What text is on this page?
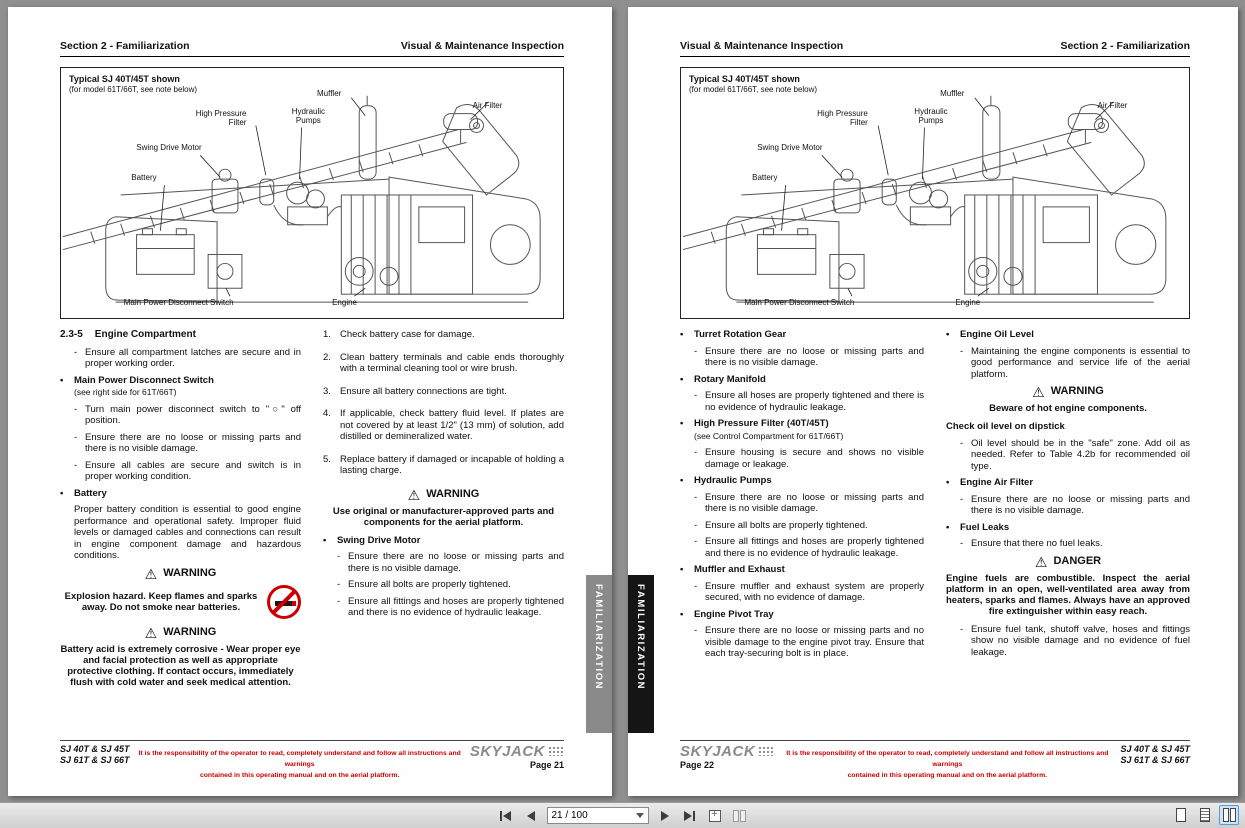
Section 2 - Familiarization	Visual & Maintenance Inspection
Typical SJ 40T/45T shown
(for model 61T/66T, see note below)	Muffler
Air Filter
High Pressure Filter
Hydraulic Pumps
Swing Drive Motor
Battery
Main Power Disconnect Switch	Engine
2.3-5 Engine Compartment
- Ensure all compartment latches are secure and in proper working order.
•	Main Power Disconnect Switch
(see right side for 61T/66T)
- Turn main power disconnect switch to "○" off position.
- Ensure there are no loose or missing parts and there is no visible damage.
- Ensure all cables are secure and switch is in proper working condition.
•	Battery
Proper battery condition is essential to good engine performance and operational safety. Improper fluid levels or damaged cables and connections can result in engine component damage and hazardous conditions.
⚠ WARNING
Explosion hazard. Keep flames and sparks away. Do not smoke near batteries.
⚠ WARNING
Battery acid is extremely corrosive - Wear proper eye and facial protection as well as appropriate protective clothing. If contact occurs, immediately flush with cold water and seek medical attention.
1. Check battery case for damage.
2. Clean battery terminals and cable ends thoroughly with a terminal cleaning tool or wire brush.
3. Ensure all battery connections are tight.
4. If applicable, check battery fluid level. If plates are not covered by at least 1/2" (13 mm) of solution, add distilled or demineralized water.
5. Replace battery if damaged or incapable of holding a lasting charge.
⚠ WARNING
Use original or manufacturer-approved parts and components for the aerial platform.
•	Swing Drive Motor
- Ensure there are no loose or missing parts and there is no visible damage.
- Ensure all bolts are properly tightened.
- Ensure all fittings and hoses are properly tightened and there is no evidence of hydraulic leakage.	FAMILIARIZATION
SJ 40T & SJ 45T
SJ 61T & SJ 66T
It is the responsibility of the operator to read, completely understand and follow all instructions and warnings
contained in this operating manual and on the aerial platform.
SKYJACK
Page 21
Visual & Maintenance Inspection	Section 2 - Familiarization
Typical SJ 40T/45T shown
(for model 61T/66T, see note below)	Muffler
Air Filter
High Pressure Filter
Hydraulic Pumps
Swing Drive Motor
Battery
Main Power Disconnect Switch	Engine
•	Turret Rotation Gear
- Ensure there are no loose or missing parts and there is no visible damage.
•	Rotary Manifold
- Ensure all hoses are properly tightened and there is no evidence of hydraulic leakage.
•	High Pressure Filter (40T/45T)
(see Control Compartment for 61T/66T)
- Ensure housing is secure and shows no visible damage or leakage.
•	Hydraulic Pumps
- Ensure there are no loose or missing parts and there is no visible damage.
- Ensure all bolts are properly tightened.
- Ensure all fittings and hoses are properly tightened and there is no evidence of hydraulic leakage.
•	Muffler and Exhaust
- Ensure muffler and exhaust system are properly secured, with no evidence of damage.
•	Engine Pivot Tray
- Ensure there are no loose or missing parts and no visible damage to the engine pivot tray. Ensure that each tray-securing bolt is in place.
•	Engine Oil Level
- Maintaining the engine components is essential to good performance and service life of the aerial platform.
⚠ WARNING
Beware of hot engine components.
Check oil level on dipstick
- Oil level should be in the "safe" zone. Add oil as needed. Refer to Table 4.2b for recommended oil type.
•	Engine Air Filter
- Ensure there are no loose or missing parts and there is no visible damage.
•	Fuel Leaks
- Ensure that there no fuel leaks.
⚠ DANGER
Engine fuels are combustible. Inspect the aerial platform in an open, well-ventilated area away from heaters, sparks and flames. Always have an approved fire extinguisher within easy reach.
- Ensure fuel tank, shutoff valve, hoses and fittings show no visible damage and no evidence of fuel leakage.
FAMILIARIZATION
SKYJACK
Page 22
It is the responsibility of the operator to read, completely understand and follow all instructions and warnings
contained in this operating manual and on the aerial platform.
SJ 40T & SJ 45T
SJ 61T & SJ 66T
21 / 100
+
